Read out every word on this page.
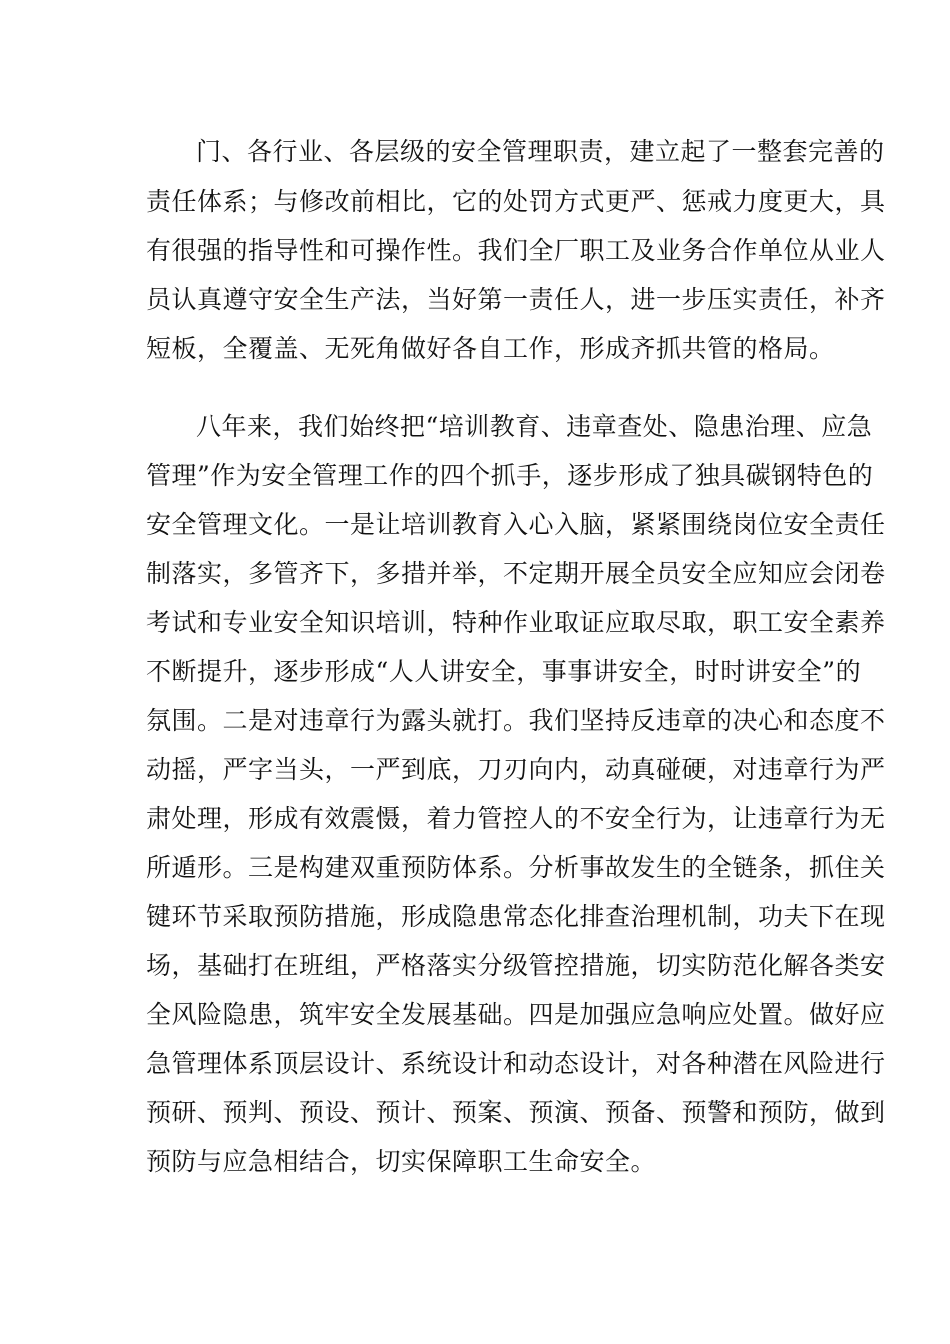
门、各行业、各层级的安全管理职责，建立起了一整套完善的
责任体系；与修改前相比，它的处罚方式更严、惩戒力度更大，具
有很强的指导性和可操作性。我们全厂职工及业务合作单位从业人
员认真遵守安全生产法，当好第一责任人，进一步压实责任，补齐
短板，全覆盖、无死角做好各自工作，形成齐抓共管的格局。
八年来，我们始终把“培训教育、违章查处、隐患治理、应急
管理”作为安全管理工作的四个抓手，逐步形成了独具碳钢特色的
安全管理文化。一是让培训教育入心入脑，紧紧围绕岗位安全责任
制落实，多管齐下，多措并举，不定期开展全员安全应知应会闭卷
考试和专业安全知识培训，特种作业取证应取尽取，职工安全素养
不断提升，逐步形成“人人讲安全，事事讲安全，时时讲安全”的
氛围。二是对违章行为露头就打。我们坚持反违章的决心和态度不
动摇，严字当头，一严到底，刀刃向内，动真碰硬，对违章行为严
肃处理，形成有效震慑，着力管控人的不安全行为，让违章行为无
所遁形。三是构建双重预防体系。分析事故发生的全链条，抓住关
键环节采取预防措施，形成隐患常态化排查治理机制，功夫下在现
场，基础打在班组，严格落实分级管控措施，切实防范化解各类安
全风险隐患，筑牢安全发展基础。四是加强应急响应处置。做好应
急管理体系顶层设计、系统设计和动态设计，对各种潜在风险进行
预研、预判、预设、预计、预案、预演、预备、预警和预防，做到
预防与应急相结合，切实保障职工生命安全。
